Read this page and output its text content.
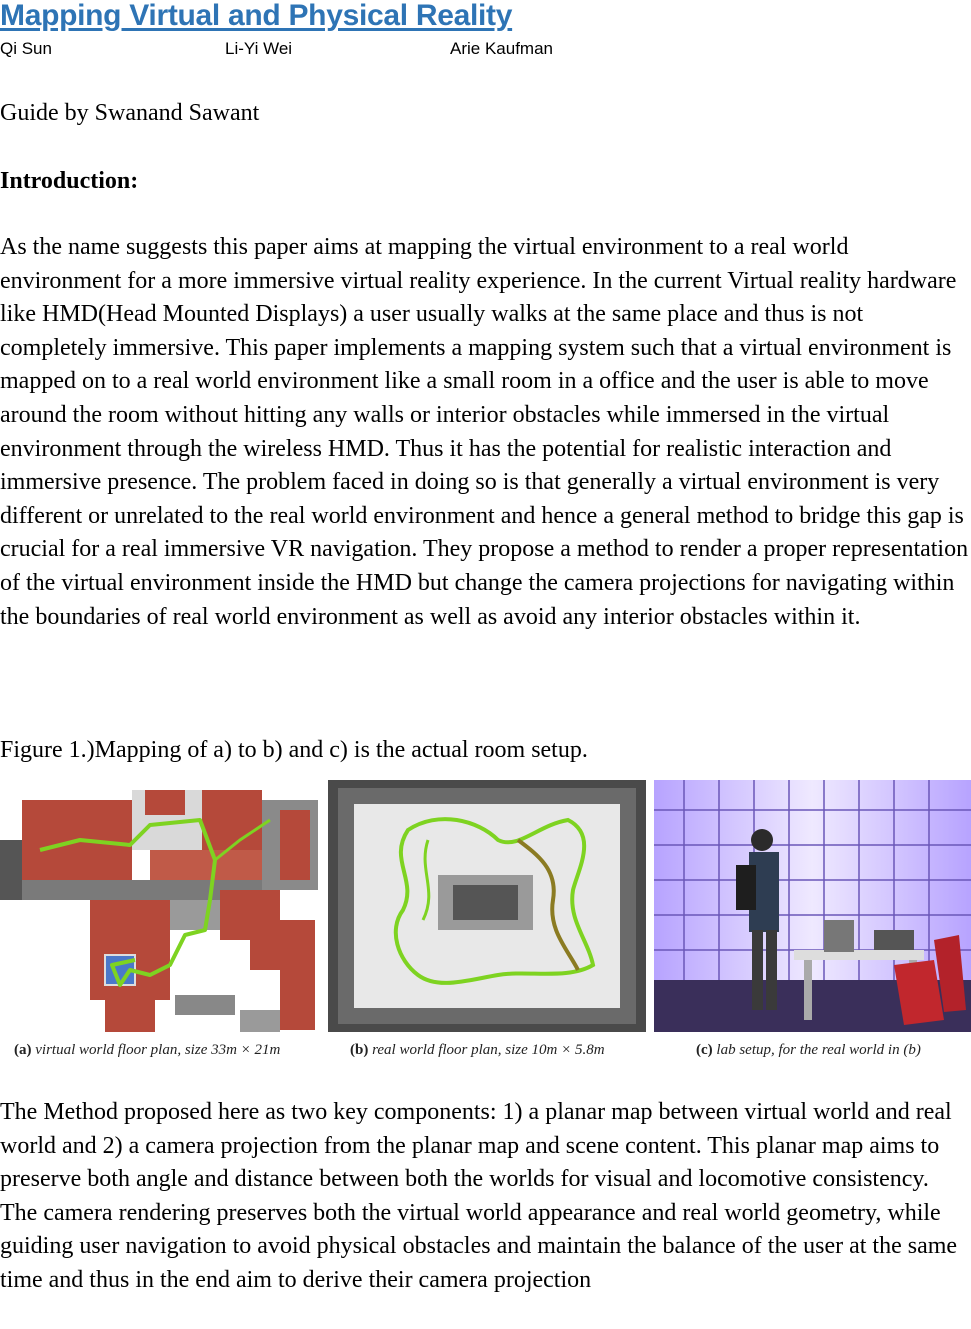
Mapping Virtual and Physical Reality
Qi Sun	Li-Yi Wei	Arie Kaufman
Guide by Swanand Sawant
Introduction:

As the name suggests this paper aims at mapping the virtual environment to a real world environment for a more immersive virtual reality experience. In the current Virtual reality hardware like HMD(Head Mounted Displays) a user usually walks at the same place and thus is not completely immersive. This paper implements a mapping system such that a virtual environment is mapped on to a real world environment like a small room in a office and the user is able to move around the room without hitting any walls or interior obstacles while immersed in the virtual environment through the wireless HMD. Thus it has the potential for realistic interaction and immersive presence. The problem faced in doing so is that generally a virtual environment is very different or unrelated to the real world environment and hence a general method to bridge this gap is crucial for a real immersive VR navigation. They propose a method to render a proper representation of the virtual environment inside the HMD but change the camera projections for navigating within the boundaries of real world environment as well as avoid any interior obstacles within it.

Figure 1.)Mapping of a) to b) and c) is the actual room setup.
(a) virtual world floor plan, size 33m × 21m	(b) real world floor plan, size 10m × 5.8m	(c) lab setup, for the real world in (b)

The Method proposed here as two key components: 1) a planar map between virtual world and real world and 2) a camera projection from the planar map and scene content. This planar map aims to preserve both angle and distance between both the worlds for visual and locomotive consistency. The camera rendering preserves both the virtual world appearance and real world geometry, while guiding user navigation to avoid physical obstacles and maintain the balance of the user at the same time and thus in the end aim to derive their camera projection
